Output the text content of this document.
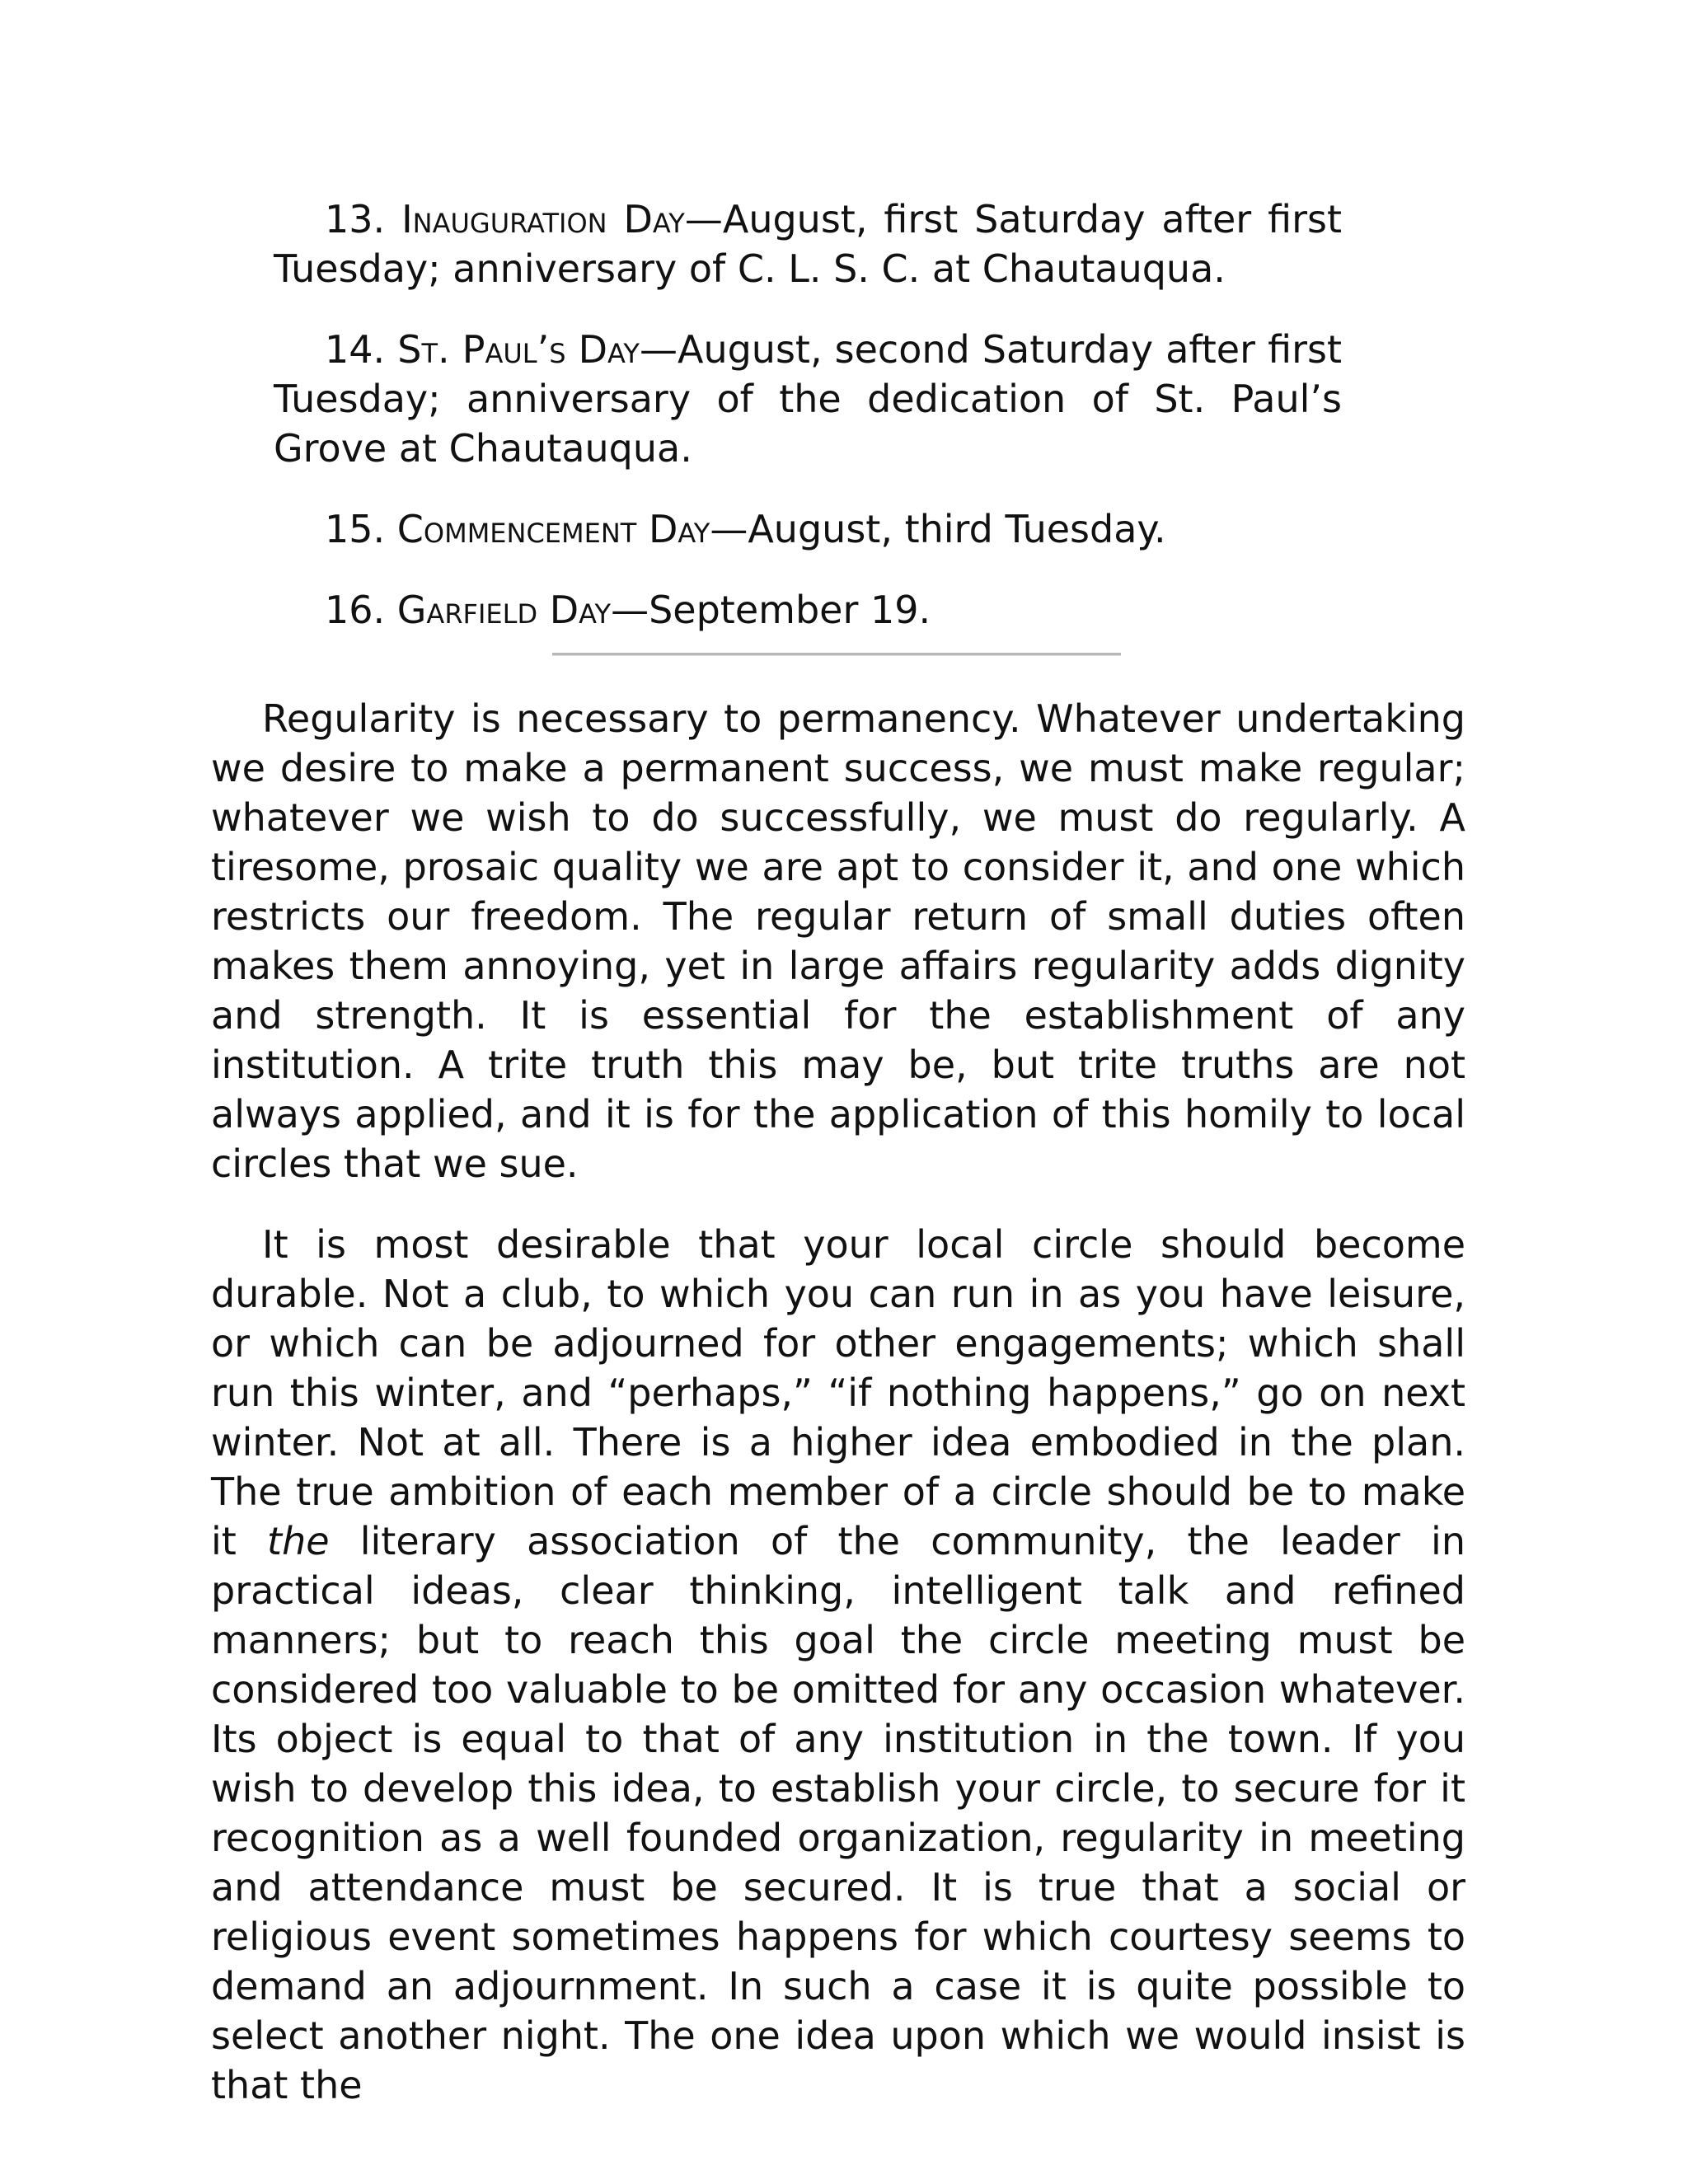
13. Inauguration Day—August, first Saturday after first Tuesday; anniversary of C. L. S. C. at Chautauqua.

14. St. Paul’s Day—August, second Saturday after first Tuesday; anniversary of the dedication of St. Paul’s Grove at Chautauqua.

15. Commencement Day—August, third Tuesday.

16. Garfield Day—September 19.

Regularity is necessary to permanency. Whatever undertaking we desire to make a permanent success, we must make regular; whatever we wish to do successfully, we must do regularly. A tiresome, prosaic quality we are apt to consider it, and one which restricts our freedom. The regular return of small duties often makes them annoying, yet in large affairs regularity adds dignity and strength. It is essential for the establishment of any institution. A trite truth this may be, but trite truths are not always applied, and it is for the application of this homily to local circles that we sue.

It is most desirable that your local circle should become durable. Not a club, to which you can run in as you have leisure, or which can be adjourned for other engagements; which shall run this winter, and “perhaps,” “if nothing happens,” go on next winter. Not at all. There is a higher idea embodied in the plan. The true ambition of each member of a circle should be to make it the literary association of the community, the leader in practical ideas, clear thinking, intelligent talk and refined manners; but to reach this goal the circle meeting must be considered too valuable to be omitted for any occasion whatever. Its object is equal to that of any institution in the town. If you wish to develop this idea, to establish your circle, to secure for it recognition as a well founded organization, regularity in meeting and attendance must be secured. It is true that a social or religious event sometimes happens for which courtesy seems to demand an adjournment. In such a case it is quite possible to select another night. The one idea upon which we would insist is that the
